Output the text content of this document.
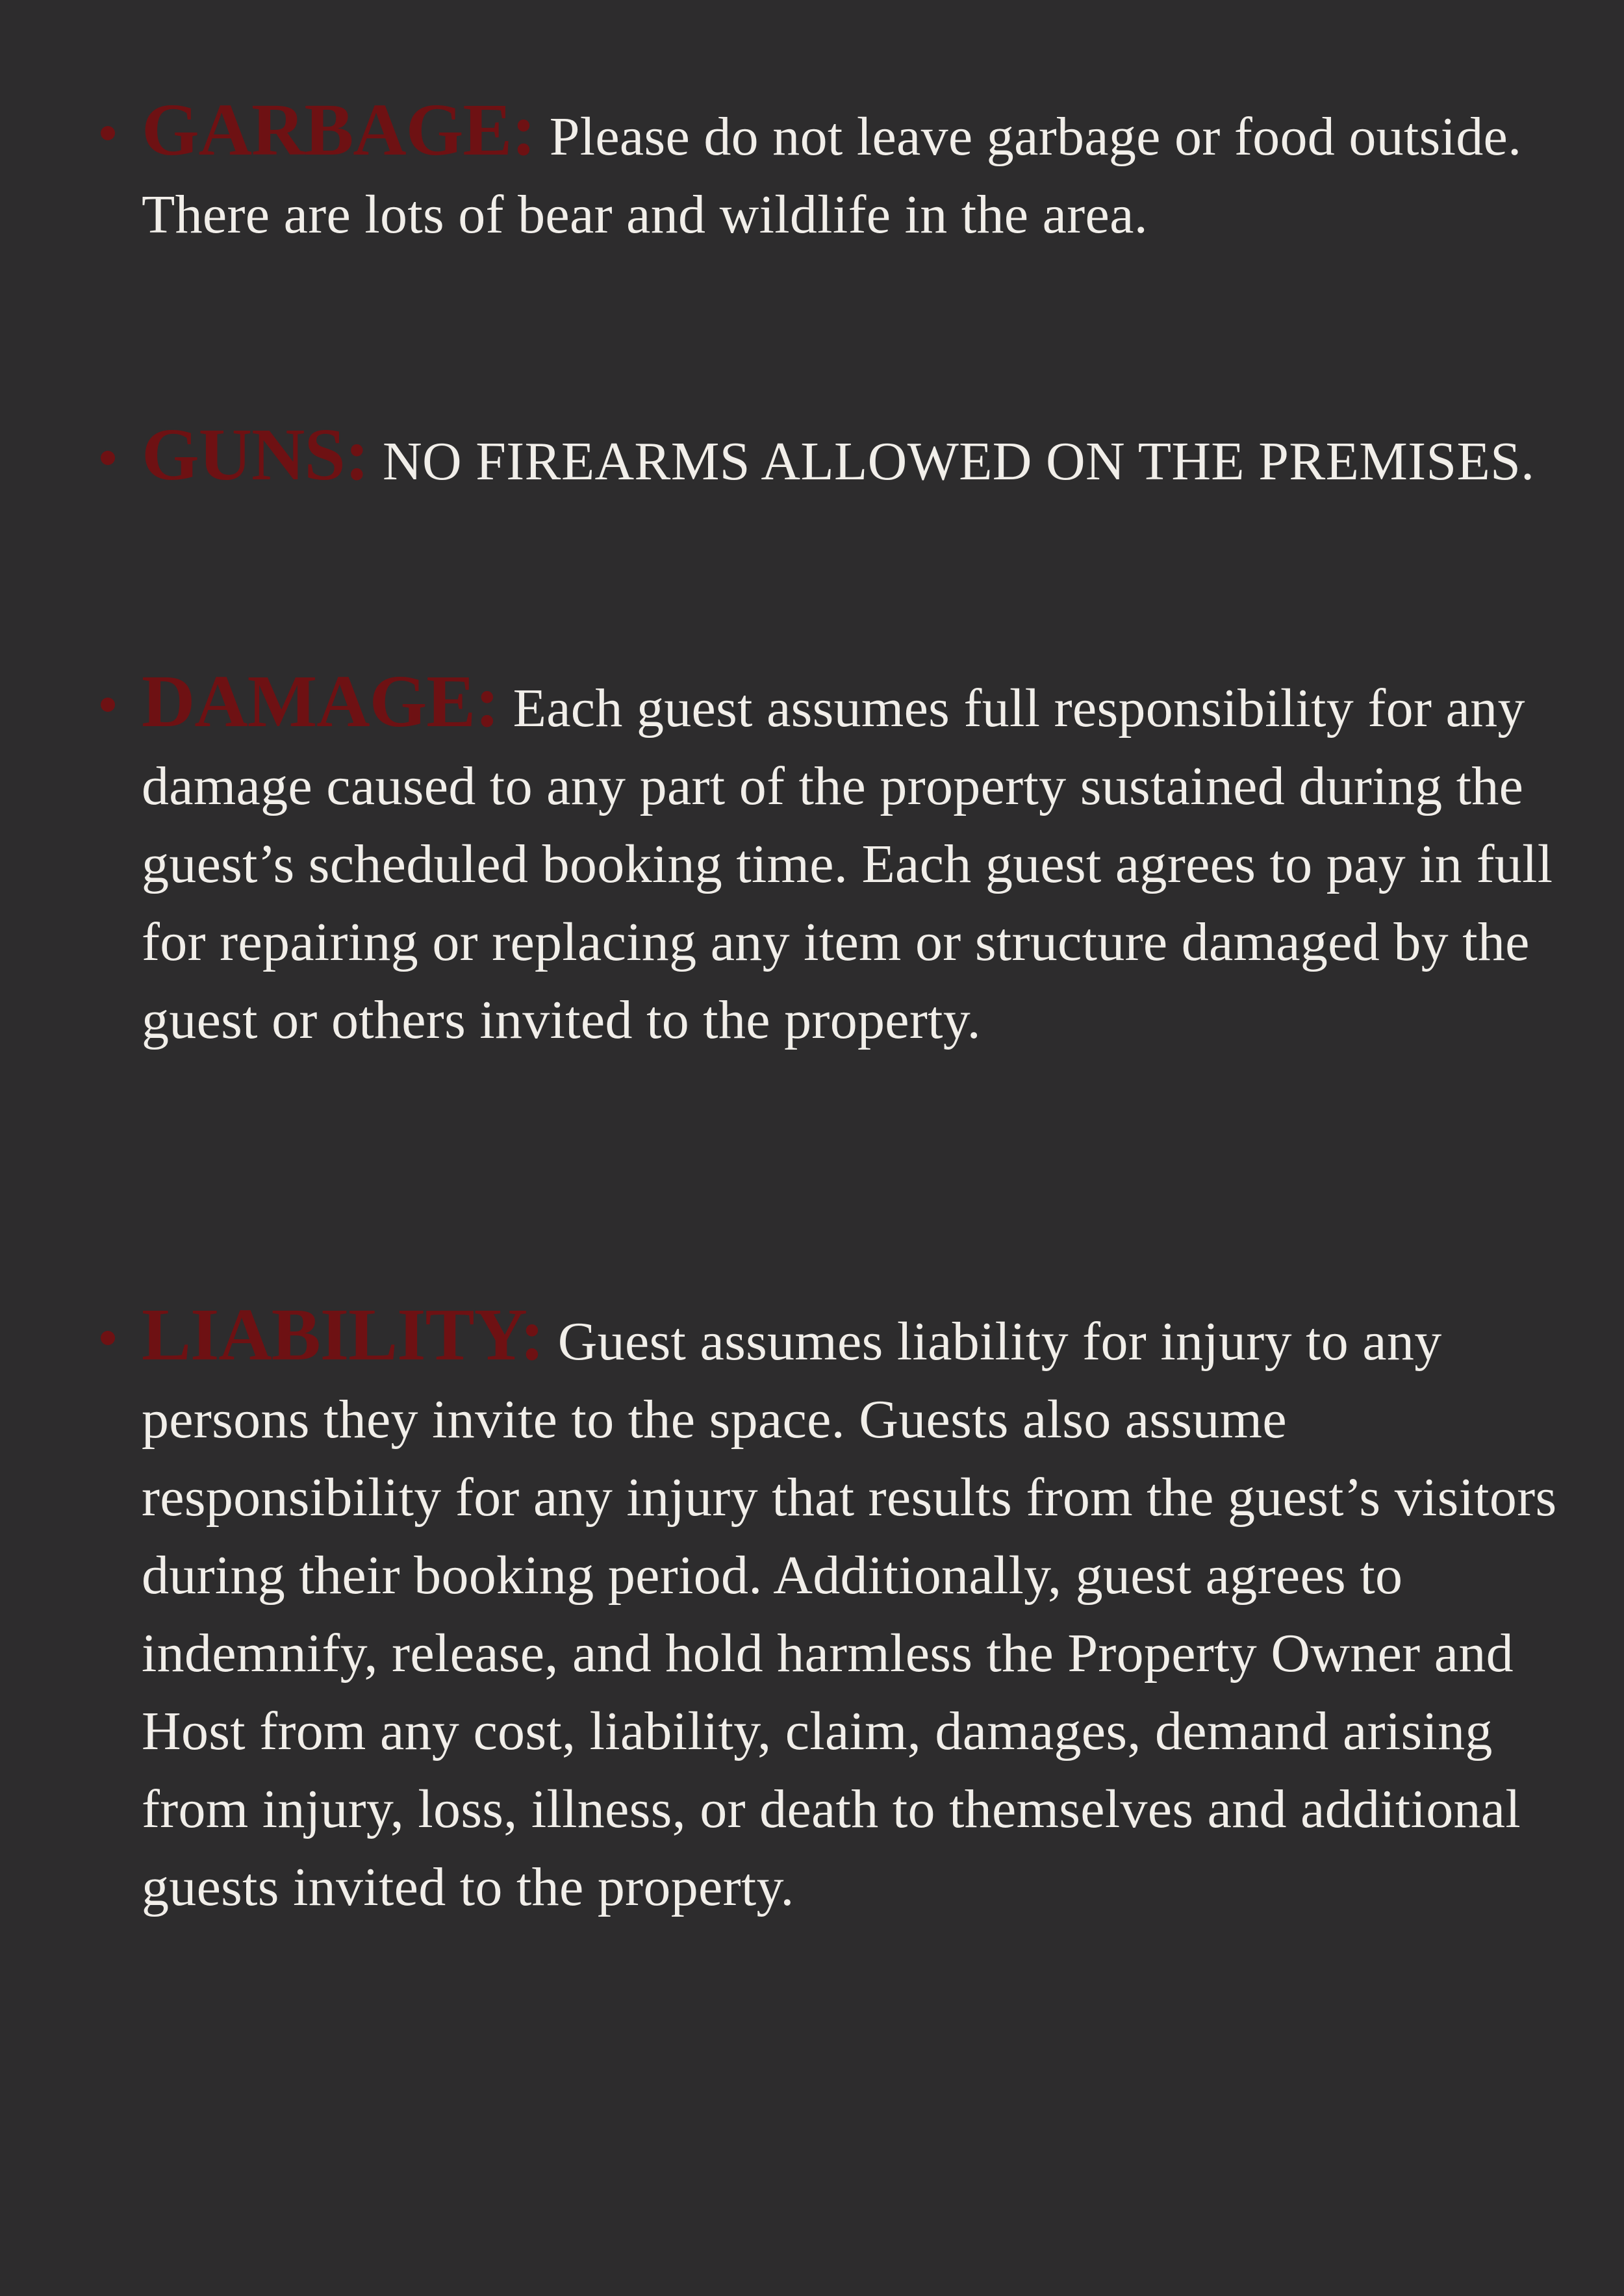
GARBAGE: Please do not leave garbage or food outside. There are lots of bear and wildlife in the area.

GUNS: NO FIREARMS ALLOWED ON THE PREMISES.

DAMAGE: Each guest assumes full responsibility for any damage caused to any part of the property sustained during the guest’s scheduled booking time. Each guest agrees to pay in full for repairing or replacing any item or structure damaged by the guest or others invited to the property.

LIABILITY: Guest assumes liability for injury to any persons they invite to the space. Guests also assume responsibility for any injury that results from the guest’s visitors during their booking period. Additionally, guest agrees to indemnify, release, and hold harmless the Property Owner and Host from any cost, liability, claim, damages, demand arising from injury, loss, illness, or death to themselves and additional guests invited to the property.
